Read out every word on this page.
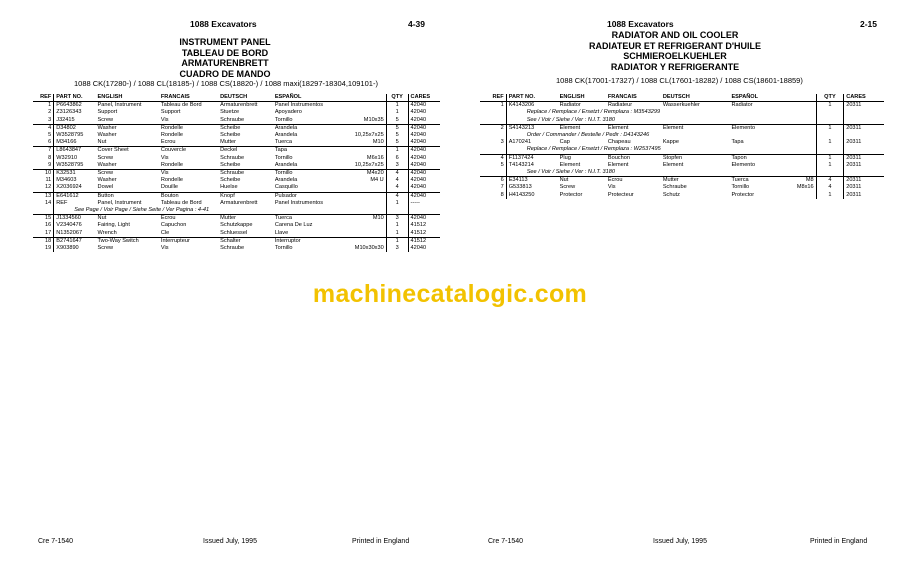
1088 Excavators	4-39
INSTRUMENT PANEL
TABLEAU DE BORD
ARMATURENBRETT
CUADRO DE MANDO
1088 CK(17280-) / 1088 CL(18185-) / 1088 CS(18820-) / 1088 maxi(18297-18304,109101-)
REF	PART NO.	ENGLISH	FRANCAIS	DEUTSCH	ESPAÑOL		QTY	CARES
1	P6643862	Panel, Instrument	Tableau de Bord	Armaturenbrett	Panel Instrumentos		1	42040
2	Z3126343	Support	Support	Stuetze	Apoyadero		1	42040
3	J32415	Screw	Vis	Schraube	Tornillo	M10x35	5	42040
4	D34802	Washer	Rondelle	Scheibe	Arandela		5	42040
5	W3528795	Washer	Rondelle	Scheibe	Arandela	10,25x7x25	5	42040
6	M34166	Nut	Ecrou	Mutter	Tuerca	M10	5	42040
7	L8643847	Cover Sheet	Couvercle	Deckel	Tapa		1	42040
8	W32910	Screw	Vis	Schraube	Tornillo	M6x16	6	42040
9	W3528795	Washer	Rondelle	Scheibe	Arandela	10,25x7x25	3	42040
10	K32531	Screw	Vis	Schraube	Tornillo	M4x20	4	42040
11	M34603	Washer	Rondelle	Scheibe	Arandela	M4 U	4	42040
12	X2036924	Dowel	Douille	Huelse	Casquillo		4	42040
13	E641612	Button	Bouton	Knopf	Pulsador		4	42040
14	REF	Panel, Instrument	Tableau de Bord	Armaturenbrett	Panel Instrumentos		1	-----
	See Page / Voir Page / Siehe Seite / Ver Pagina : 4-41							
15	J1334560	Nut	Ecrou	Mutter	Tuerca	M10	3	42040
16	V2340476	Fairing, Light	Capuchon	Schutzkappe	Carena De Luz		1	41512
17	N1352067	Wrench	Cle	Schluessel	Llave		1	41512
18	B2741647	Two-Way Switch	Interrupteur	Schalter	Interruptor		1	41512
19	X903890	Screw	Vis	Schraube	Tornillo	M10x30x30	3	42040
Cre 7-1540	Issued July, 1995	Printed in England
1088 Excavators	2-15
RADIATOR AND OIL COOLER
RADIATEUR ET REFRIGERANT D'HUILE
SCHMIEROELKUEHLER
RADIATOR Y REFRIGERANTE
1088 CK(17001-17327) / 1088 CL(17601-18282) / 1088 CS(18601-18859)
REF	PART NO.	ENGLISH	FRANCAIS	DEUTSCH	ESPAÑOL		QTY	CARES
1	K4143206	Radiator	Radiateur	Wasserkuehler	Radiator		1	20311
	Replace / Remplace / Ersetzt / Remplaza : M3543299							
	See / Voir / Siehe / Ver : N.I.T. 3180							
2	S4143213	Element	Element	Element	Elemento		1	20311
	Order / Commander / Bestelle / Pedir : D4143246							
3	A170241	Cap	Chapeau	Kappe	Tapa		1	20311
	Replace / Remplace / Ersetzt / Remplaza : W2537495							
4	F1137424	Plug	Bouchon	Stopfen	Tapon		1	20311
5	T4143214	Element	Element	Element	Elemento		1	20311
	See / Voir / Siehe / Ver : N.I.T. 3180							
6	E34113	Nut	Ecrou	Mutter	Tuerca	M8	4	20311
7	G533813	Screw	Vis	Schraube	Tornillo	M8x16	4	20311
8	H4143250	Protector	Protecteur	Schutz	Protector		1	20311
Cre 7-1540	Issued July, 1995	Printed in England
machinecatalogic.com
